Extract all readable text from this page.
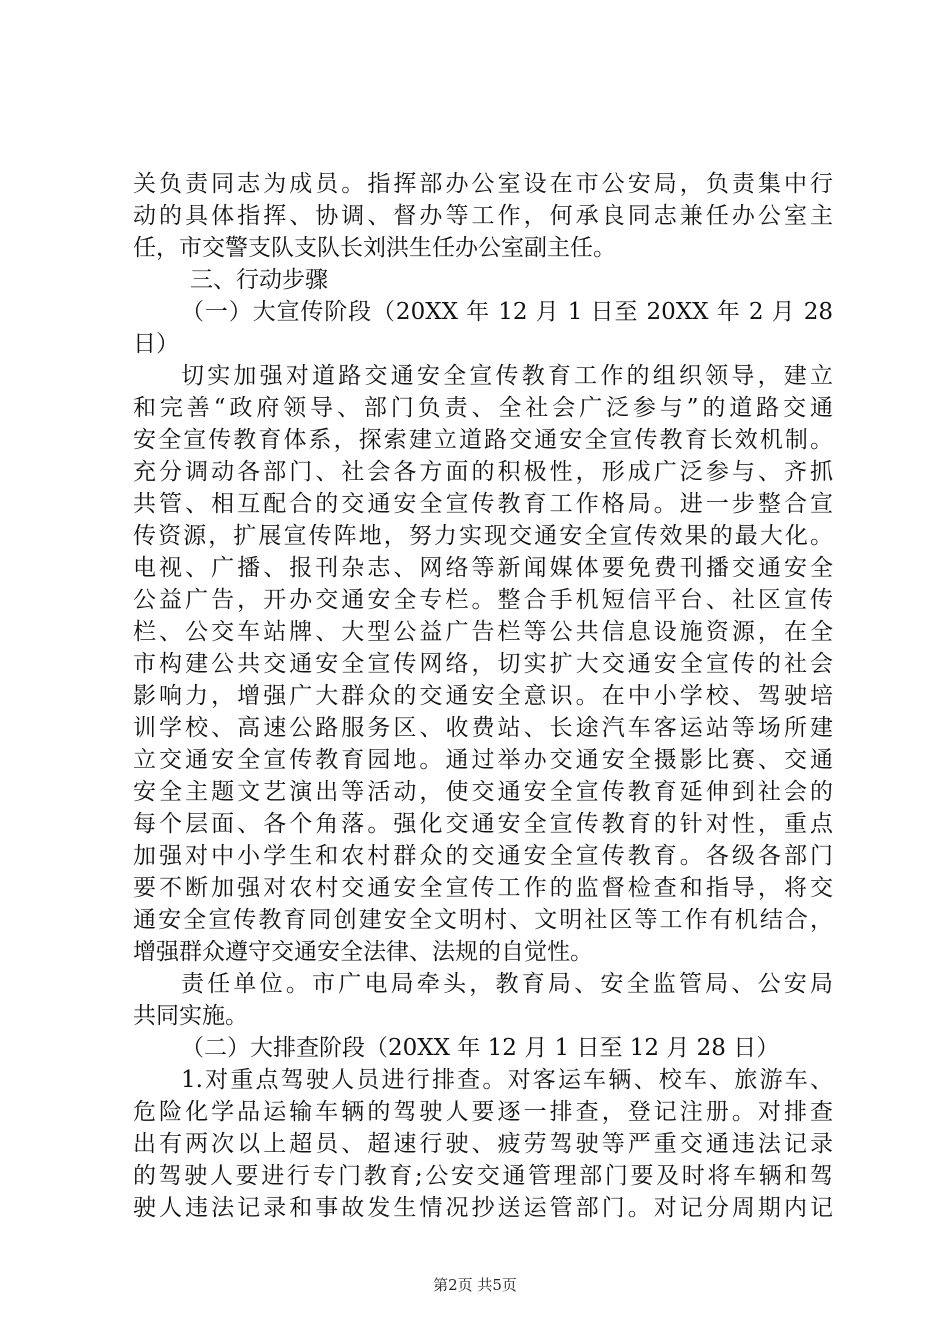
关负责同志为成员。指挥部办公室设在市公安局，负责集中行
动的具体指挥、协调、督办等工作，何承良同志兼任办公室主
任，市交警支队支队长刘洪生任办公室副主任。
三、行动步骤
（一）大宣传阶段（20XX 年 12 月 1 日至 20XX 年 2 月 28
日）
切实加强对道路交通安全宣传教育工作的组织领导，建立
和完善“政府领导、部门负责、全社会广泛参与”的道路交通
安全宣传教育体系，探索建立道路交通安全宣传教育长效机制。
充分调动各部门、社会各方面的积极性，形成广泛参与、齐抓
共管、相互配合的交通安全宣传教育工作格局。进一步整合宣
传资源，扩展宣传阵地，努力实现交通安全宣传效果的最大化。
电视、广播、报刊杂志、网络等新闻媒体要免费刊播交通安全
公益广告，开办交通安全专栏。整合手机短信平台、社区宣传
栏、公交车站牌、大型公益广告栏等公共信息设施资源，在全
市构建公共交通安全宣传网络，切实扩大交通安全宣传的社会
影响力，增强广大群众的交通安全意识。在中小学校、驾驶培
训学校、高速公路服务区、收费站、长途汽车客运站等场所建
立交通安全宣传教育园地。通过举办交通安全摄影比赛、交通
安全主题文艺演出等活动，使交通安全宣传教育延伸到社会的
每个层面、各个角落。强化交通安全宣传教育的针对性，重点
加强对中小学生和农村群众的交通安全宣传教育。各级各部门
要不断加强对农村交通安全宣传工作的监督检查和指导，将交
通安全宣传教育同创建安全文明村、文明社区等工作有机结合，
增强群众遵守交通安全法律、法规的自觉性。
责任单位。市广电局牵头，教育局、安全监管局、公安局
共同实施。
（二）大排查阶段（20XX 年 12 月 1 日至 12 月 28 日）
1.对重点驾驶人员进行排查。对客运车辆、校车、旅游车、
危险化学品运输车辆的驾驶人要逐一排查，登记注册。对排查
出有两次以上超员、超速行驶、疲劳驾驶等严重交通违法记录
的驾驶人要进行专门教育;公安交通管理部门要及时将车辆和驾
驶人违法记录和事故发生情况抄送运管部门。对记分周期内记
第2页 共5页
